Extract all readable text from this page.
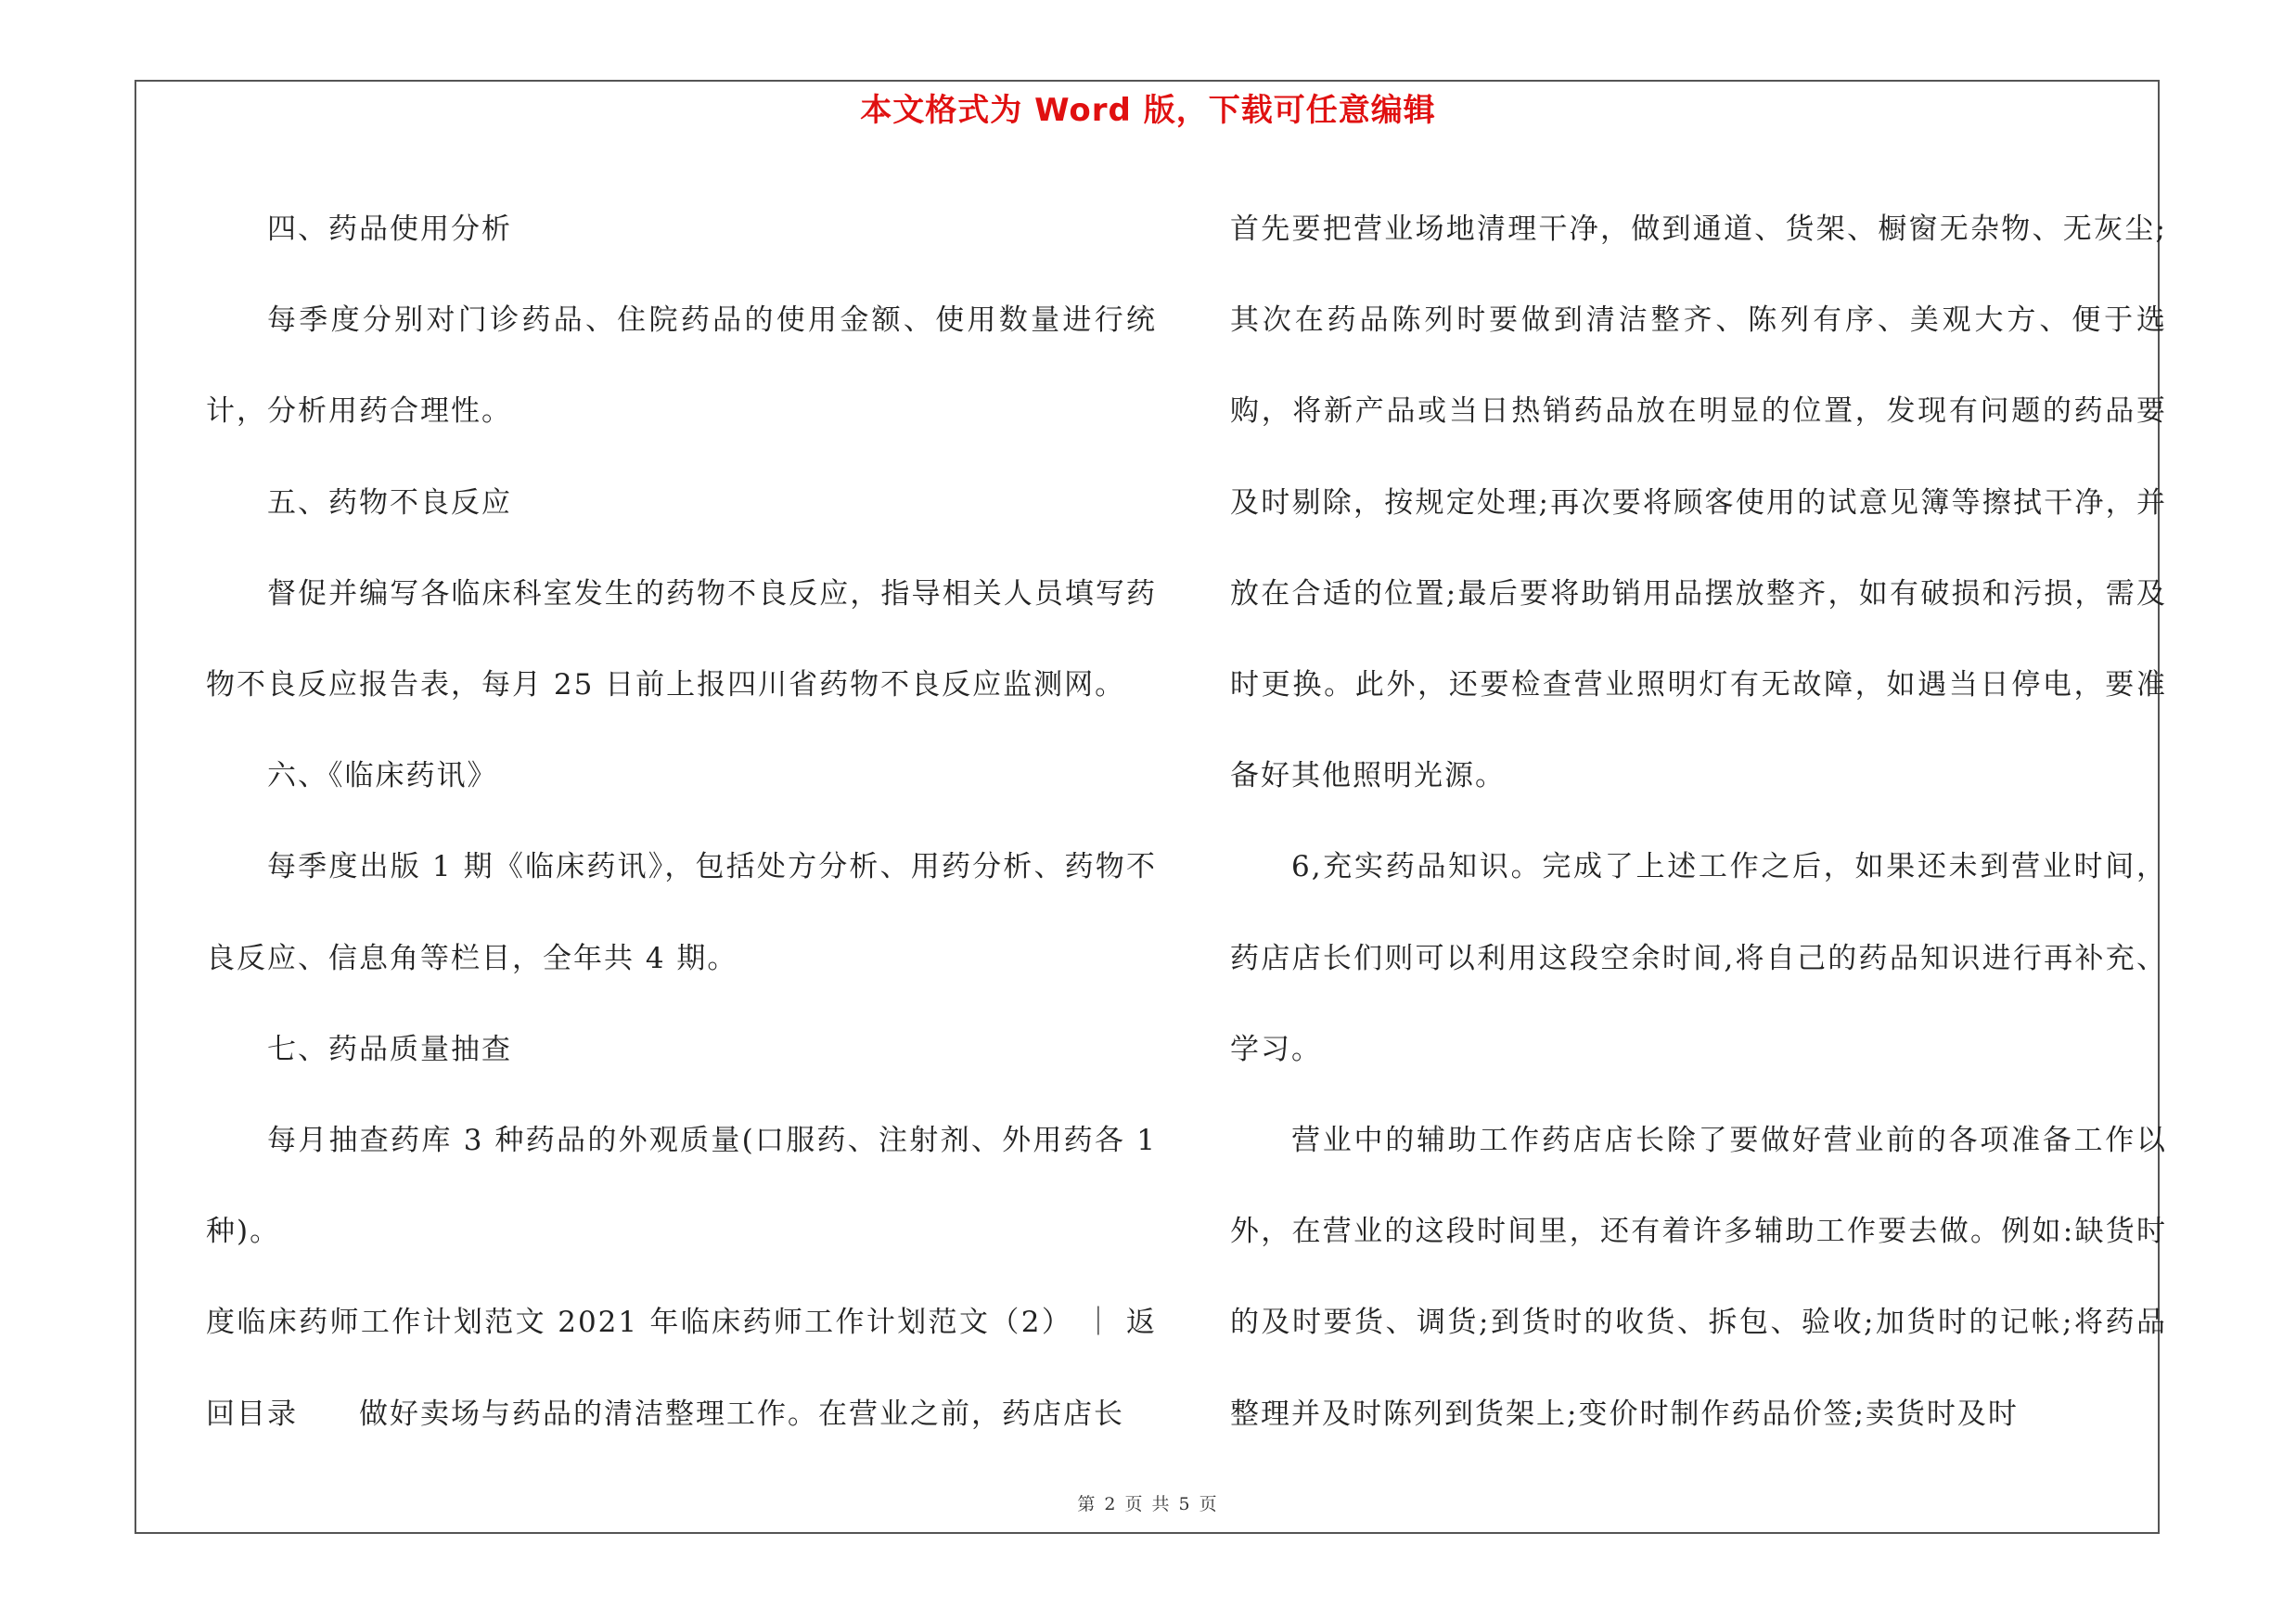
本文格式为 Word 版，下载可任意编辑

四、药品使用分析

每季度分别对门诊药品、住院药品的使用金额、使用数量进行统计，分析用药合理性。

五、药物不良反应

督促并编写各临床科室发生的药物不良反应，指导相关人员填写药物不良反应报告表，每月 25 日前上报四川省药物不良反应监测网。

六、《临床药讯》

每季度出版 1 期《临床药讯》，包括处方分析、用药分析、药物不良反应、信息角等栏目，全年共 4 期。

七、药品质量抽查

每月抽查药库 3 种药品的外观质量(口服药、注射剂、外用药各 1 种)。

度临床药师工作计划范文 2021 年临床药师工作计划范文（2） ｜ 返回目录　　做好卖场与药品的清洁整理工作。在营业之前，药店店长

首先要把营业场地清理干净，做到通道、货架、橱窗无杂物、无灰尘;其次在药品陈列时要做到清洁整齐、陈列有序、美观大方、便于选购，将新产品或当日热销药品放在明显的位置，发现有问题的药品要及时剔除，按规定处理;再次要将顾客使用的试意见簿等擦拭干净，并放在合适的位置;最后要将助销用品摆放整齐，如有破损和污损，需及时更换。此外，还要检查营业照明灯有无故障，如遇当日停电，要准备好其他照明光源。

6,充实药品知识。完成了上述工作之后，如果还未到营业时间，药店店长们则可以利用这段空余时间,将自己的药品知识进行再补充、学习。

营业中的辅助工作药店店长除了要做好营业前的各项准备工作以外，在营业的这段时间里，还有着许多辅助工作要去做。例如:缺货时的及时要货、调货;到货时的收货、拆包、验收;加货时的记帐;将药品整理并及时陈列到货架上;变价时制作药品价签;卖货时及时

第 2 页 共 5 页
